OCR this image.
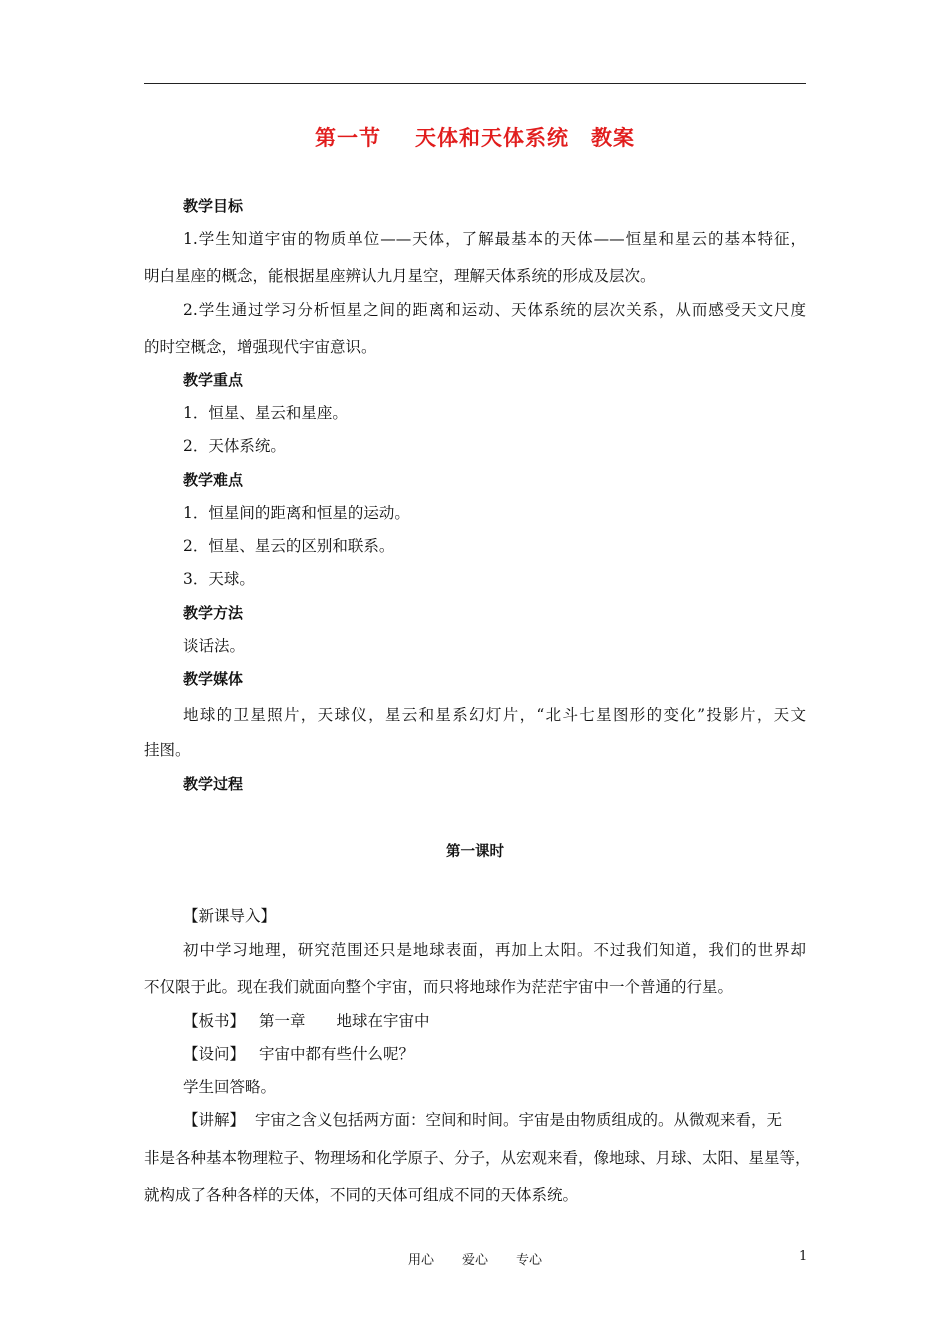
第一节 天体和天体系统 教案
教学目标
1.学生知道宇宙的物质单位——天体，了解最基本的天体——恒星和星云的基本特征，
明白星座的概念，能根据星座辨认九月星空，理解天体系统的形成及层次。
2.学生通过学习分析恒星之间的距离和运动、天体系统的层次关系，从而感受天文尺度
的时空概念，增强现代宇宙意识。
教学重点
1．恒星、星云和星座。
2．天体系统。
教学难点
1．恒星间的距离和恒星的运动。
2．恒星、星云的区别和联系。
3．天球。
教学方法
谈话法。
教学媒体
地球的卫星照片，天球仪，星云和星系幻灯片，“北斗七星图形的变化”投影片，天文
挂图。
教学过程
第一课时
【新课导入】
初中学习地理，研究范围还只是地球表面，再加上太阳。不过我们知道，我们的世界却
不仅限于此。现在我们就面向整个宇宙，而只将地球作为茫茫宇宙中一个普通的行星。
【板书】 第一章　　地球在宇宙中
【设问】 宇宙中都有些什么呢？
学生回答略。
【讲解】 宇宙之含义包括两方面：空间和时间。宇宙是由物质组成的。从微观来看，无
非是各种基本物理粒子、物理场和化学原子、分子，从宏观来看，像地球、月球、太阳、星星等，
就构成了各种各样的天体，不同的天体可组成不同的天体系统。
用心 爱心 专心	1
